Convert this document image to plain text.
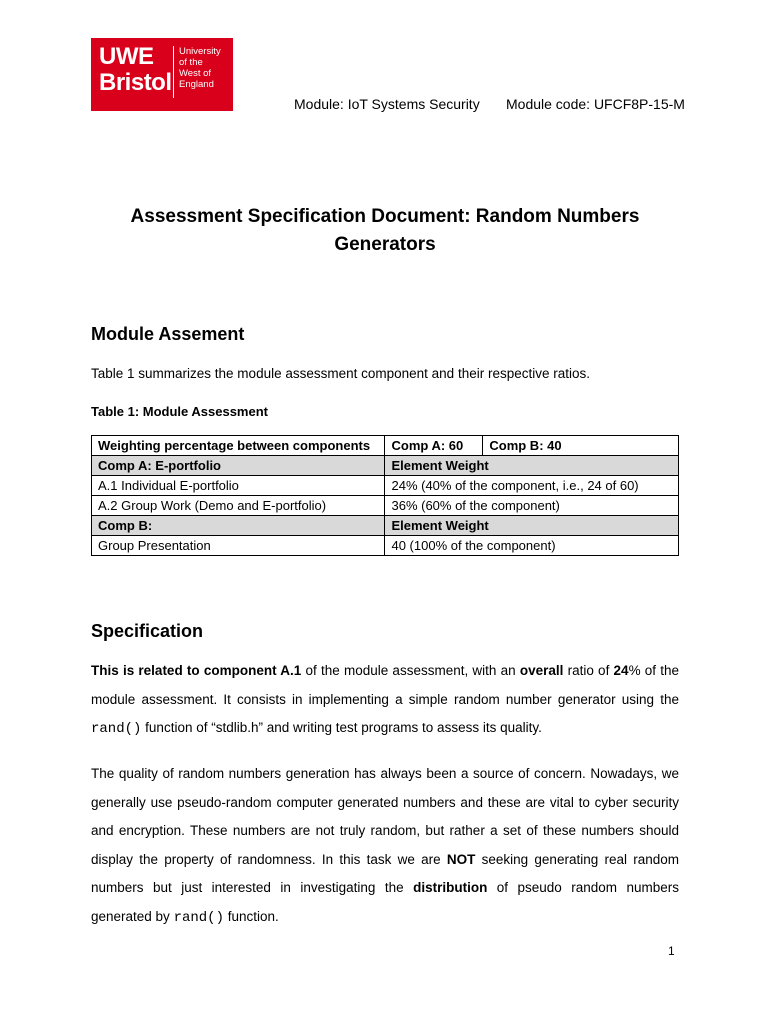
UWE
Bristol
University
of the
West of
England
Module: IoT Systems Security Module code: UFCF8P-15-M
Assessment Specification Document: Random Numbers Generators
Module Assement
Table 1 summarizes the module assessment component and their respective ratios.
Table 1: Module Assessment
Weighting percentage between components	Comp A: 60	Comp B: 40
Comp A: E-portfolio	Element Weight	
A.1 Individual E-portfolio	24% (40% of the component, i.e., 24 of 60)	
A.2 Group Work (Demo and E-portfolio)	36% (60% of the component)	
Comp B:	Element Weight	
Group Presentation	40 (100% of the component)	
Specification
This is related to component A.1 of the module assessment, with an overall ratio of 24% of the module assessment. It consists in implementing a simple random number generator using the rand() function of “stdlib.h” and writing test programs to assess its quality.
The quality of random numbers generation has always been a source of concern. Nowadays, we generally use pseudo-random computer generated numbers and these are vital to cyber security and encryption. These numbers are not truly random, but rather a set of these numbers should display the property of randomness. In this task we are NOT seeking generating real random numbers but just interested in investigating the distribution of pseudo random numbers generated by rand() function.
1
